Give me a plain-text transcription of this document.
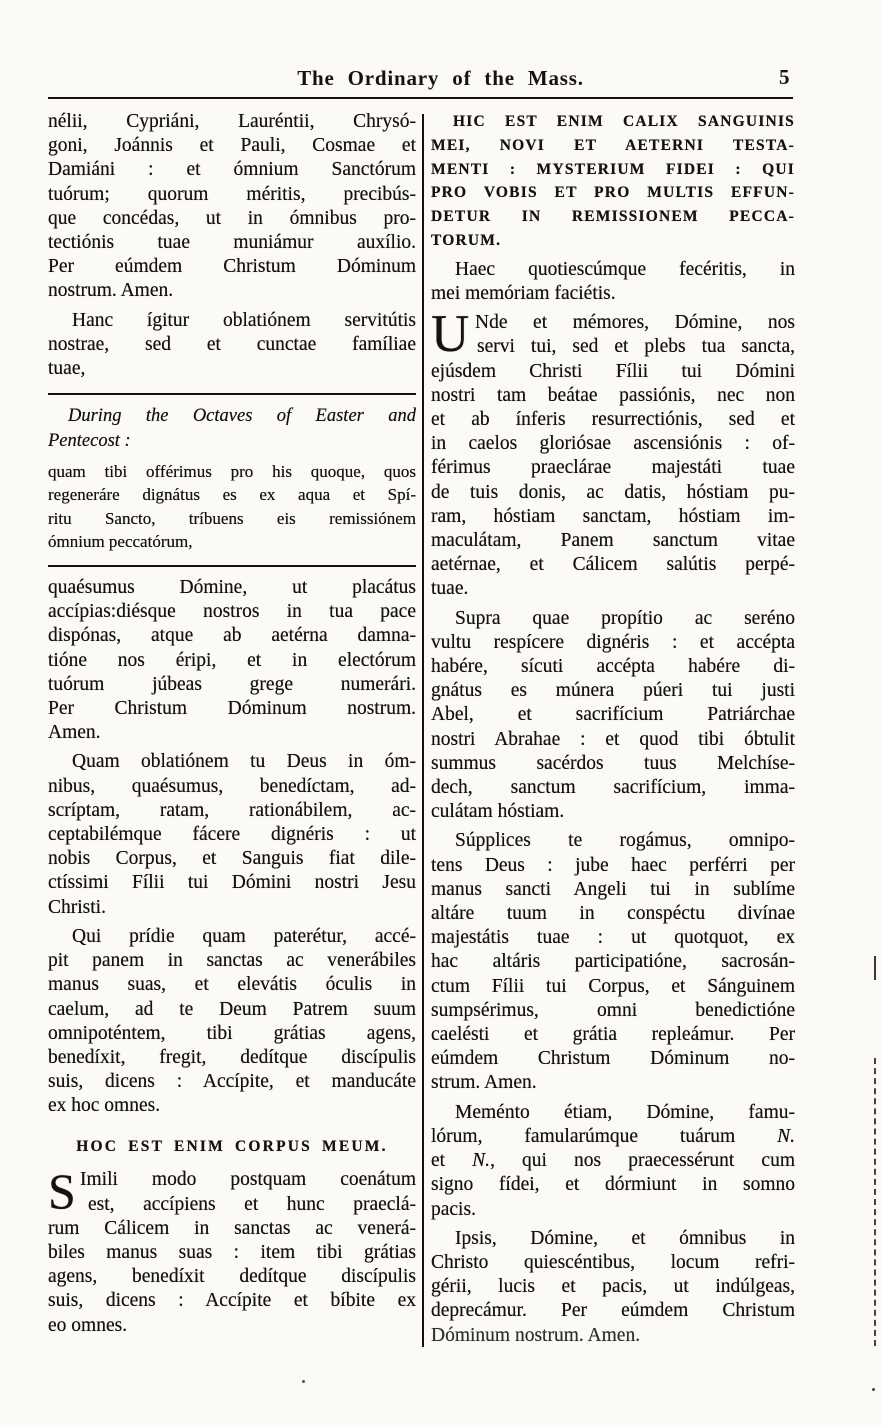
The Ordinary of the Mass.	5
nélii, Cypriáni, Lauréntii, Chrysó-
goni, Joánnis et Pauli, Cosmae et
Damiáni : et ómnium Sanctórum
tuórum; quorum méritis, precibús-
que concédas, ut in ómnibus pro-
tectiónis tuae muniámur auxílio.
Per eúmdem Christum Dóminum
nostrum. Amen.
Hanc ígitur oblatiónem servitútis
nostrae, sed et cunctae famíliae
tuae,
During the Octaves of Easter and
Pentecost :
quam tibi offérimus pro his quoque, quos
regeneráre dignátus es ex aqua et Spí-
ritu Sancto, tríbuens eis remissiónem
ómnium peccatórum,
quaésumus Dómine, ut placátus
accípias:diésque nostros in tua pace
dispónas, atque ab aetérna damna-
tióne nos éripi, et in electórum
tuórum júbeas grege numerári.
Per Christum Dóminum nostrum.
Amen.
Quam oblatiónem tu Deus in óm-
nibus, quaésumus, benedíctam, ad-
scríptam, ratam, rationábilem, ac-
ceptabilémque fácere dignéris : ut
nobis Corpus, et Sanguis fiat dile-
ctíssimi Fílii tui Dómini nostri Jesu
Christi.
Qui prídie quam paterétur, accé-
pit panem in sanctas ac venerábiles
manus suas, et elevátis óculis in
caelum, ad te Deum Patrem suum
omnipoténtem, tibi grátias agens,
benedíxit, fregit, dedítque discípulis
suis, dicens : Accípite, et manducáte
ex hoc omnes.
HOC EST ENIM CORPUS MEUM.
S Imili modo postquam coenátum
est, accípiens et hunc praeclá-
rum Cálicem in sanctas ac venerá-
biles manus suas : item tibi grátias
agens, benedíxit dedítque discípulis
suis, dicens : Accípite et bíbite ex
eo omnes.
HIC EST ENIM CALIX SANGUINIS
MEI, NOVI ET AETERNI TESTA-
MENTI : MYSTERIUM FIDEI : QUI
PRO VOBIS ET PRO MULTIS EFFUN-
DETUR IN REMISSIONEM PECCA-
TORUM.
Haec quotiescúmque fecéritis, in
mei memóriam faciétis.
U Nde et mémores, Dómine, nos
servi tui, sed et plebs tua sancta,
ejúsdem Christi Fílii tui Dómini
nostri tam beátae passiónis, nec non
et ab ínferis resurrectiónis, sed et
in caelos gloriósae ascensiónis : of-
férimus praeclárae majestáti tuae
de tuis donis, ac datis, hóstiam pu-
ram, hóstiam sanctam, hóstiam im-
maculátam, Panem sanctum vitae
aetérnae, et Cálicem salútis perpé-
tuae.
Supra quae propítio ac seréno
vultu respícere dignéris : et accépta
habére, sícuti accépta habére di-
gnátus es múnera púeri tui justi
Abel, et sacrifícium Patriárchae
nostri Abrahae : et quod tibi óbtulit
summus sacérdos tuus Melchíse-
dech, sanctum sacrifícium, imma-
culátam hóstiam.
Súpplices te rogámus, omnipo-
tens Deus : jube haec perférri per
manus sancti Angeli tui in sublíme
altáre tuum in conspéctu divínae
majestátis tuae : ut quotquot, ex
hac altáris participatióne, sacrosán-
ctum Fílii tui Corpus, et Sánguinem
sumpsérimus, omni benedictióne
caelésti et grátia repleámur. Per
eúmdem Christum Dóminum no-
strum. Amen.
Meménto étiam, Dómine, famu-
lórum, famularúmque tuárum N.
et N., qui nos praecessérunt cum
signo fídei, et dórmiunt in somno
pacis.
Ipsis, Dómine, et ómnibus in
Christo quiescéntibus, locum refri-
gérii, lucis et pacis, ut indúlgeas,
deprecámur. Per eúmdem Christum
Dóminum nostrum. Amen.
